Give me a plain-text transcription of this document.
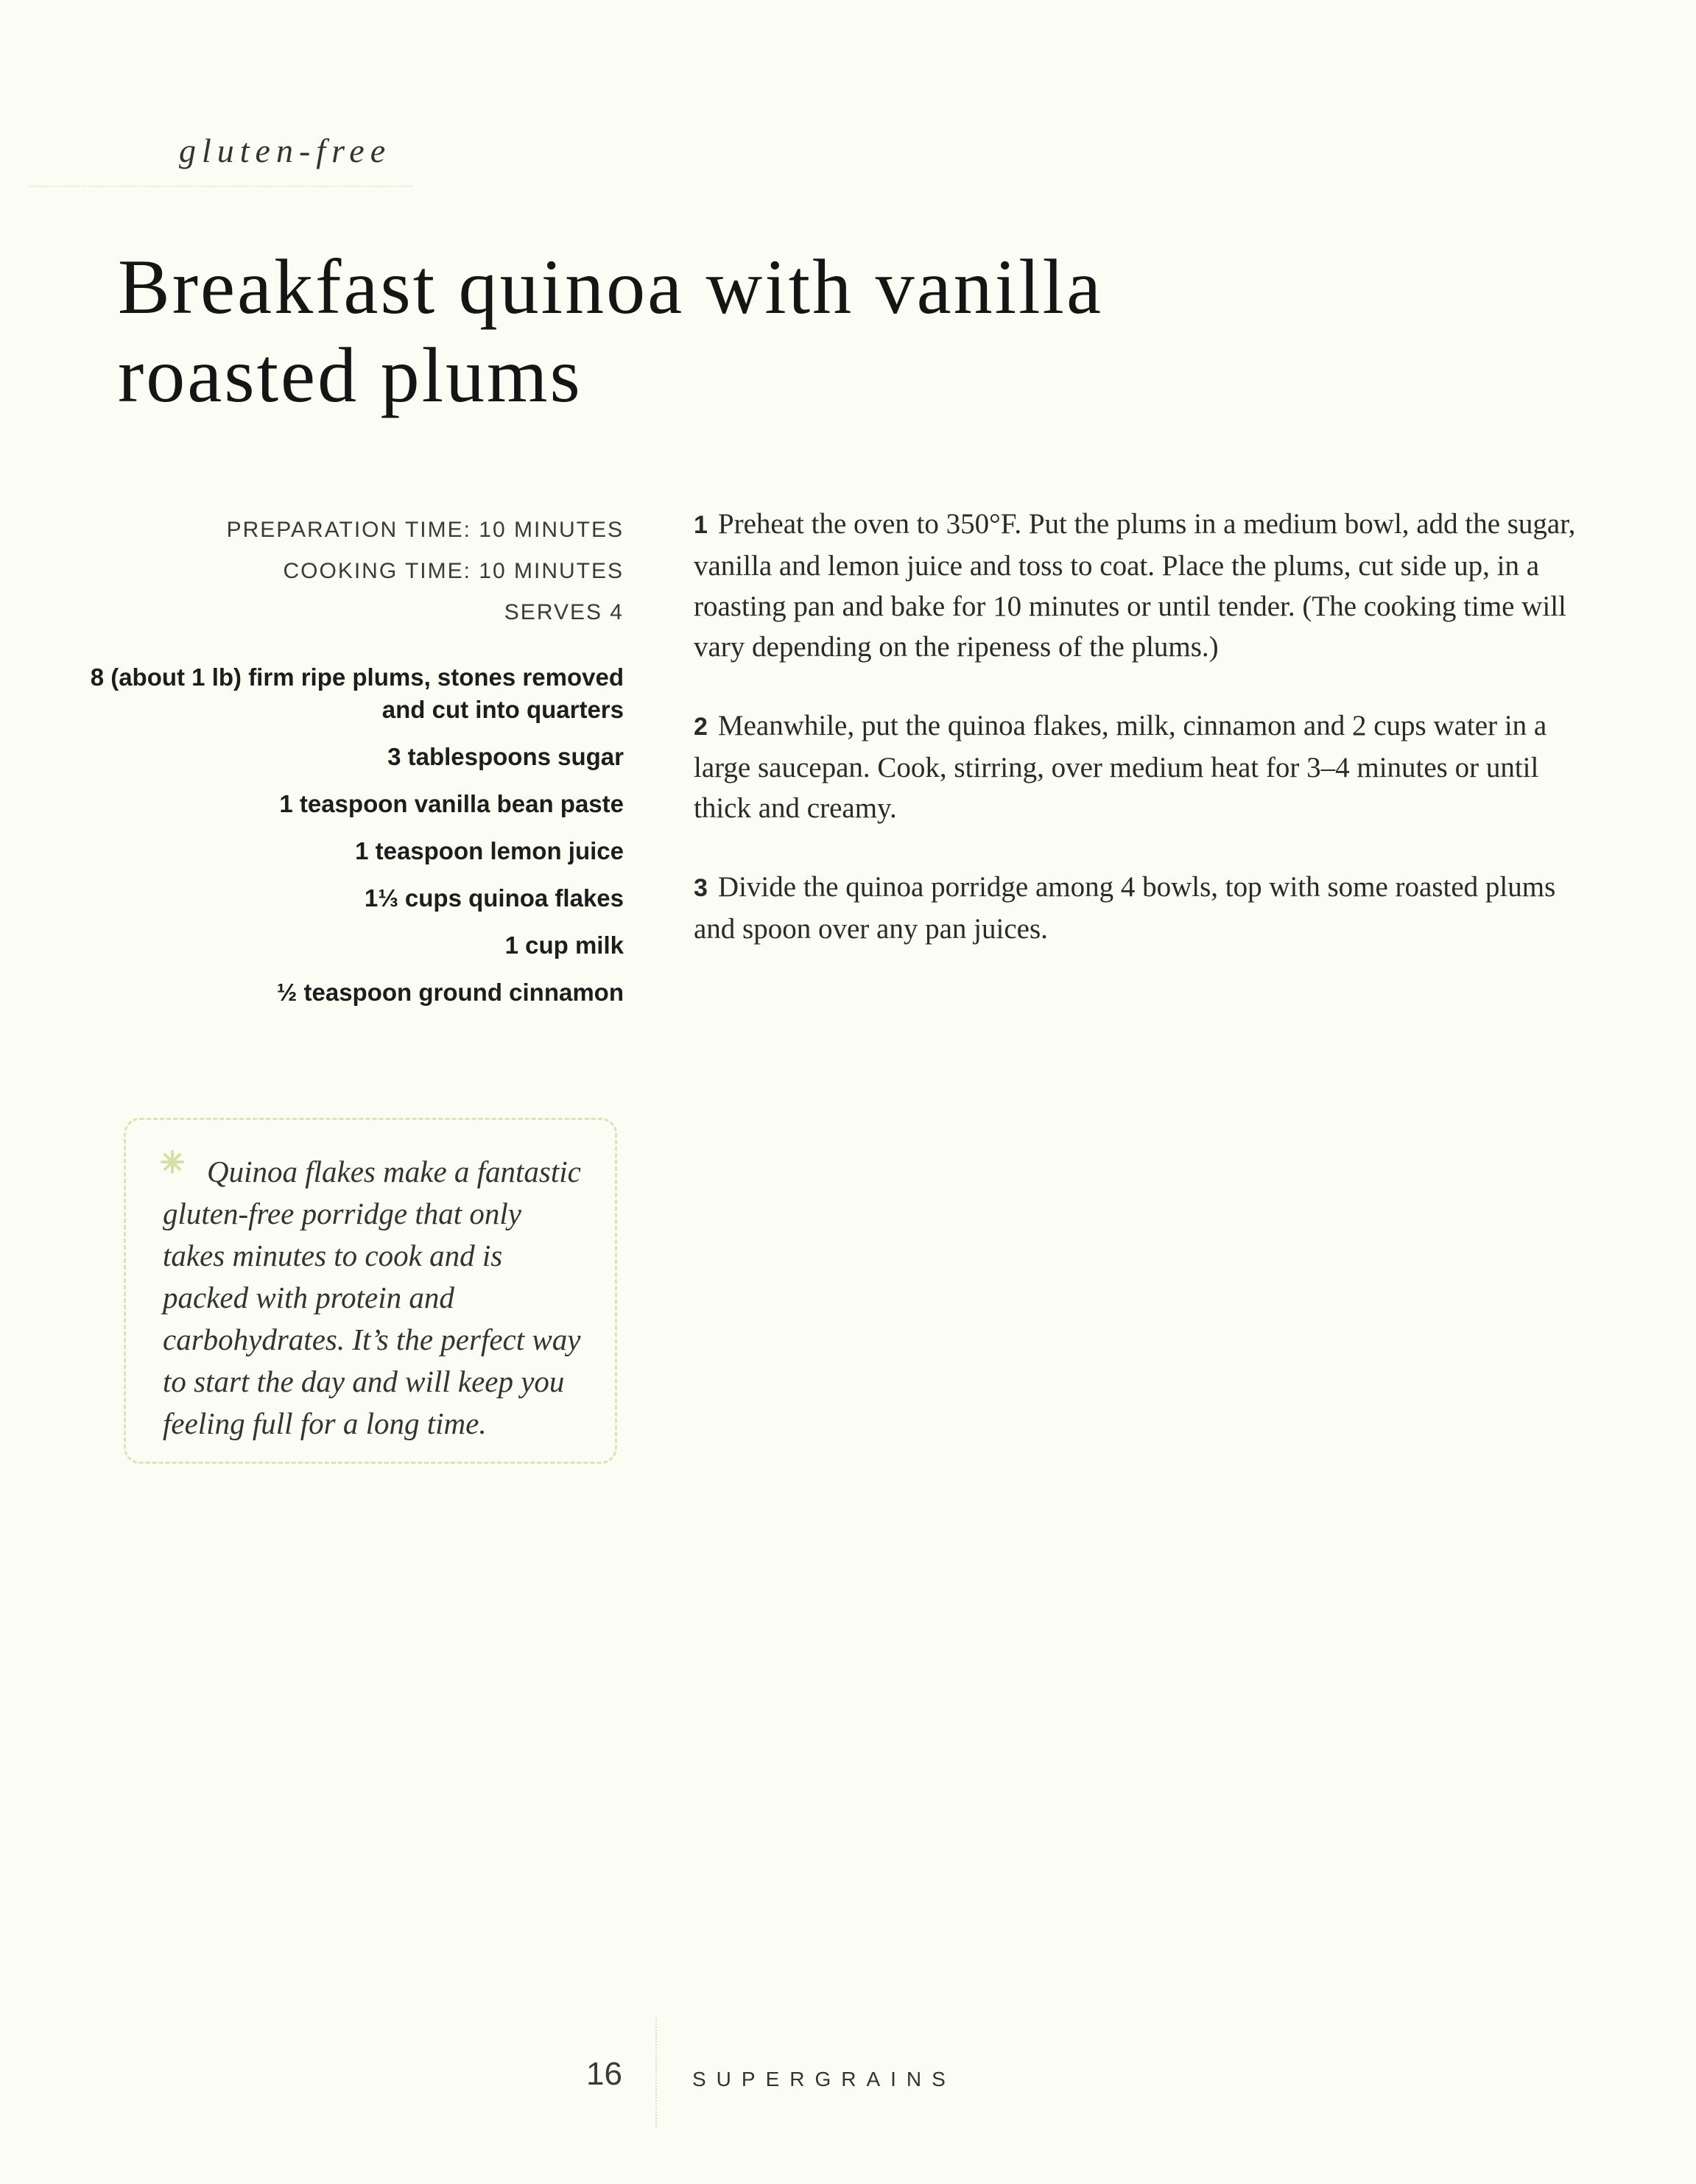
gluten-free
Breakfast quinoa with vanilla
roasted plums
PREPARATION TIME: 10 MINUTES
COOKING TIME: 10 MINUTES
SERVES 4
8 (about 1 lb) firm ripe plums, stones removed and cut into quarters
3 tablespoons sugar
1 teaspoon vanilla bean paste
1 teaspoon lemon juice
1⅓ cups quinoa flakes
1 cup milk
½ teaspoon ground cinnamon
1 Preheat the oven to 350°F. Put the plums in a medium bowl, add the sugar, vanilla and lemon juice and toss to coat. Place the plums, cut side up, in a roasting pan and bake for 10 minutes or until tender. (The cooking time will vary depending on the ripeness of the plums.)
2 Meanwhile, put the quinoa flakes, milk, cinnamon and 2 cups water in a large saucepan. Cook, stirring, over medium heat for 3–4 minutes or until thick and creamy.
3 Divide the quinoa porridge among 4 bowls, top with some roasted plums and spoon over any pan juices.
Quinoa flakes make a fantastic gluten-free porridge that only takes minutes to cook and is packed with protein and carbohydrates. It’s the perfect way to start the day and will keep you feeling full for a long time.
16	SUPERGRAINS
